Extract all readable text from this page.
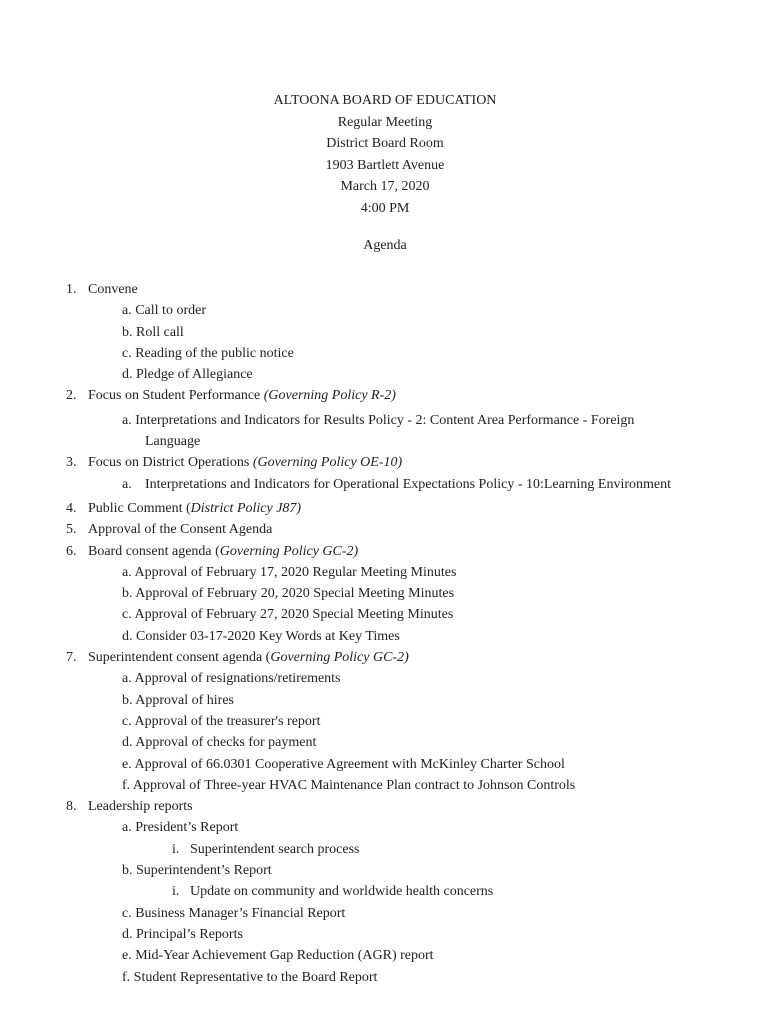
ALTOONA BOARD OF EDUCATION
Regular Meeting
District Board Room
1903 Bartlett Avenue
March 17, 2020
4:00 PM
Agenda
1. Convene
a. Call to order
b. Roll call
c. Reading of the public notice
d. Pledge of Allegiance
2. Focus on Student Performance (Governing Policy R-2)
a. Interpretations and Indicators for Results Policy - 2: Content Area Performance - Foreign
Language
3. Focus on District Operations (Governing Policy OE-10)
a. Interpretations and Indicators for Operational Expectations Policy - 10:Learning Environment
4. Public Comment (District Policy J87)
5. Approval of the Consent Agenda
6. Board consent agenda (Governing Policy GC-2)
a. Approval of February 17, 2020 Regular Meeting Minutes
b. Approval of February 20, 2020 Special Meeting Minutes
c. Approval of February 27, 2020 Special Meeting Minutes
d. Consider 03-17-2020 Key Words at Key Times
7. Superintendent consent agenda (Governing Policy GC-2)
a. Approval of resignations/retirements
b. Approval of hires
c. Approval of the treasurer's report
d. Approval of checks for payment
e. Approval of 66.0301 Cooperative Agreement with McKinley Charter School
f. Approval of Three-year HVAC Maintenance Plan contract to Johnson Controls
8. Leadership reports
a. President’s Report
i. Superintendent search process
b. Superintendent’s Report
i. Update on community and worldwide health concerns
c. Business Manager’s Financial Report
d. Principal’s Reports
e. Mid-Year Achievement Gap Reduction (AGR) report
f. Student Representative to the Board Report
